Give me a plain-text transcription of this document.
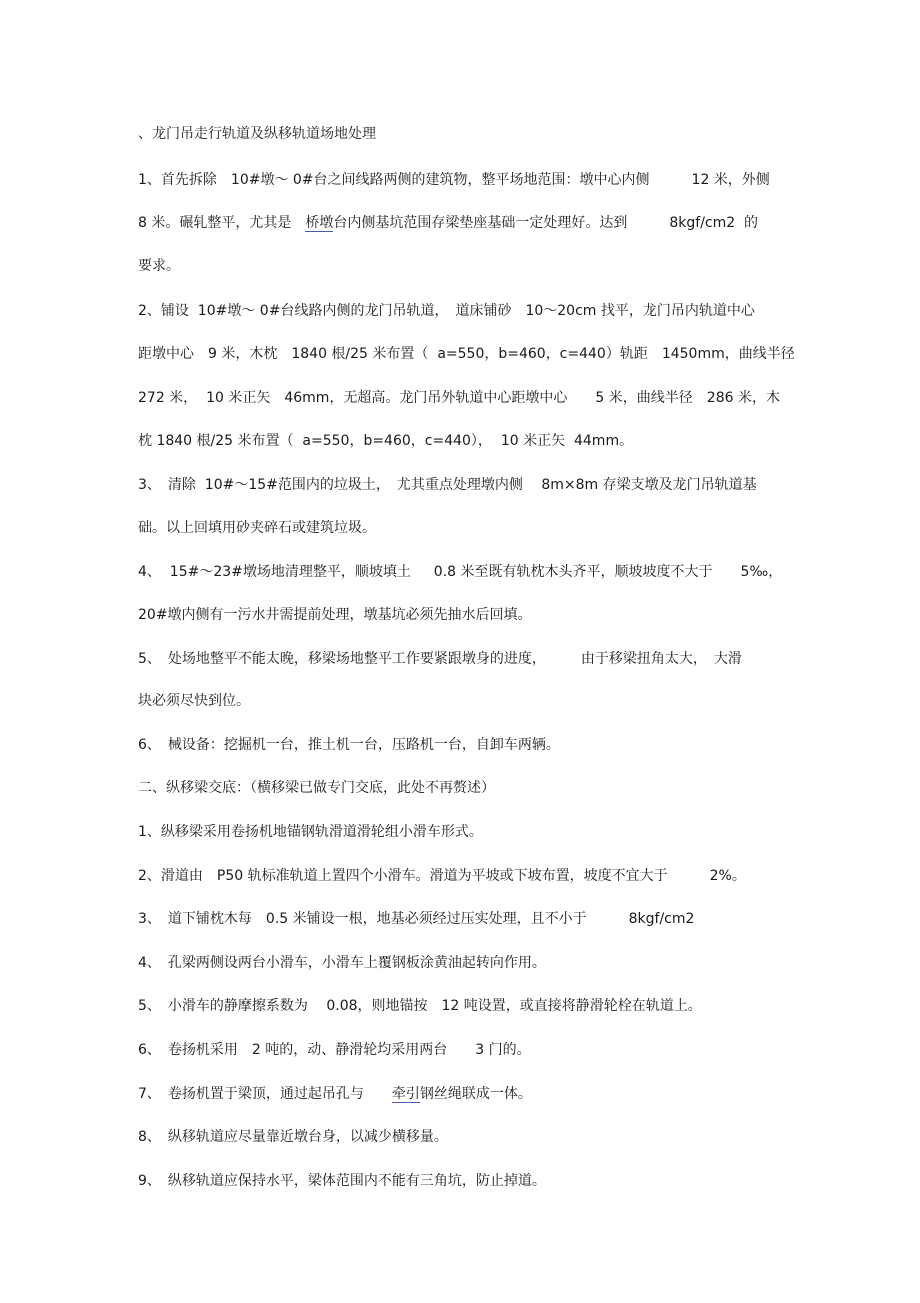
、龙门吊走行轨道及纵移轨道场地处理
1、首先拆除　10#墩～ 0#台之间线路两侧的建筑物，整平场地范围：墩中心内侧　　　12 米，外侧
8 米。碾轧整平，尤其是　桥墩台内侧基坑范围存梁垫座基础一定处理好。达到　　　8kgf/cm2  的
要求。
2、铺设  10#墩～ 0#台线路内侧的龙门吊轨道，　道床铺砂　10～20cm 找平，龙门吊内轨道中心
距墩中心　9 米，木枕　1840 根/25 米布置（  a=550，b=460，c=440）轨距　1450mm，曲线半径
272 米，  10 米正矢　46mm，无超高。龙门吊外轨道中心距墩中心　　5 米，曲线半径　286 米，木
枕 1840 根/25 米布置（  a=550，b=460，c=440），  10 米正矢  44mm。
3、　清除  10#～15#范围内的垃圾土，　尤其重点处理墩内侧　 8m×8m 存梁支墩及龙门吊轨道基
础。以上回填用砂夹碎石或建筑垃圾。
4、  15#～23#墩场地清理整平，顺坡填土　  0.8 米至既有轨枕木头齐平，顺坡坡度不大于　　5‰，
20#墩内侧有一污水井需提前处理，墩基坑必须先抽水后回填。
5、　处场地整平不能太晚，移梁场地整平工作要紧跟墩身的进度，　　　由于移梁扭角太大，　大滑
块必须尽快到位。
6、　械设备：挖掘机一台，推土机一台，压路机一台，自卸车两辆。
二、纵移梁交底：（横移梁已做专门交底，此处不再赘述）
1、纵移梁采用卷扬机地锚钢轨滑道滑轮组小滑车形式。
2、滑道由　P50 轨标准轨道上置四个小滑车。滑道为平坡或下坡布置，坡度不宜大于　　　2%。
3、　道下铺枕木每　0.5 米铺设一根，地基必须经过压实处理，且不小于　　　8kgf/cm2
4、　孔梁两侧设两台小滑车，小滑车上覆钢板涂黄油起转向作用。
5、　小滑车的静摩擦系数为　 0.08，则地锚按　12 吨设置，或直接将静滑轮栓在轨道上。
6、　卷扬机采用　2 吨的，动、静滑轮均采用两台　　3 门的。
7、　卷扬机置于梁顶，通过起吊孔与　　牵引钢丝绳联成一体。
8、　纵移轨道应尽量靠近墩台身，以减少横移量。
9、　纵移轨道应保持水平，梁体范围内不能有三角坑，防止掉道。
